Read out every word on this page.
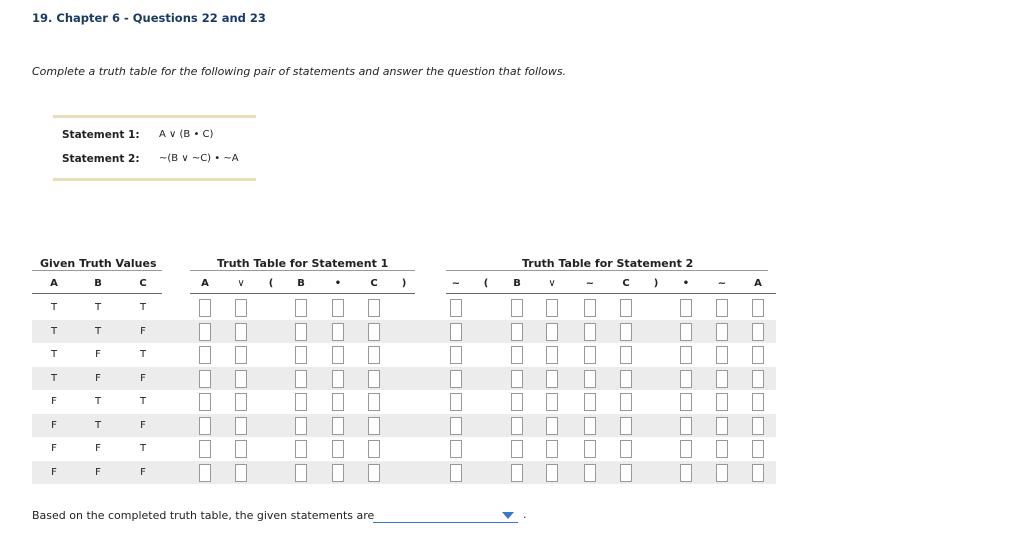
19. Chapter 6 - Questions 22 and 23
Complete a truth table for the following pair of statements and answer the question that follows.
Statement 1:	A ∨ (B • C)
Statement 2:	~(B ∨ ~C) • ~A
Given Truth Values	Truth Table for Statement 1	Truth Table for Statement 2
A	B	C	A	∨	(	B	•	C	)	~	(	B	∨	~	C	)	•	~	A
T	T	T
T	T	F
T	F	T
T	F	F
F	T	T
F	T	F
F	F	T
F	F	F
Based on the completed truth table, the given statements are	.
